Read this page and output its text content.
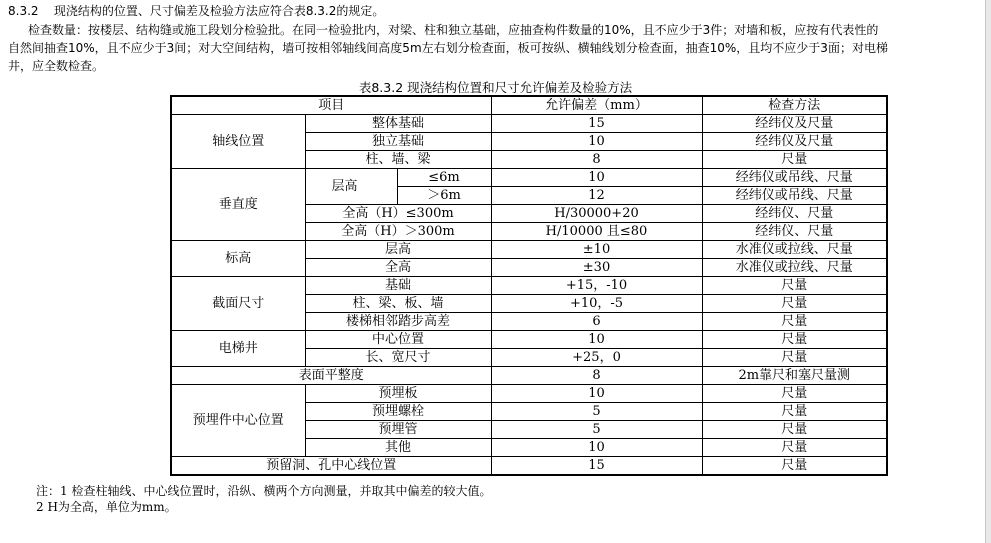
8.3.2 现浇结构的位置、尺寸偏差及检验方法应符合表8.3.2的规定。
检查数量：按楼层、结构缝或施工段划分检验批。在同一检验批内，对梁、柱和独立基础，应抽查构件数量的10%，且不应少于3件；对墙和板，应按有代表性的
自然间抽查10%，且不应少于3间；对大空间结构，墙可按相邻轴线间高度5m左右划分检查面，板可按纵、横轴线划分检查面，抽查10%，且均不应少于3面；对电梯
井，应全数检查。
表8.3.2 现浇结构位置和尺寸允许偏差及检验方法
项目			允许偏差（mm）	检查方法
轴线位置	整体基础		15	经纬仪及尺量
	独立基础		10	经纬仪及尺量
	柱、墙、梁		8	尺量
垂直度	层高	≤6m	10	经纬仪或吊线、尺量
		＞6m	12	经纬仪或吊线、尺量
	全高（H）≤300m		H/30000+20	经纬仪、尺量
	全高（H）＞300m		H/10000 且≤80	经纬仪、尺量
标高	层高		±10	水准仪或拉线、尺量
	全高		±30	水准仪或拉线、尺量
截面尺寸	基础		+15，-10	尺量
	柱、梁、板、墙		+10，-5	尺量
	楼梯相邻踏步高差		6	尺量
电梯井	中心位置		10	尺量
	长、宽尺寸		+25，0	尺量
表面平整度			8	2m靠尺和塞尺量测
预埋件中心位置	预埋板		10	尺量
	预埋螺栓		5	尺量
	预埋管		5	尺量
	其他		10	尺量
预留洞、孔中心线位置			15	尺量
注：1 检查柱轴线、中心线位置时，沿纵、横两个方向测量，并取其中偏差的较大值。
2 H为全高，单位为mm。
